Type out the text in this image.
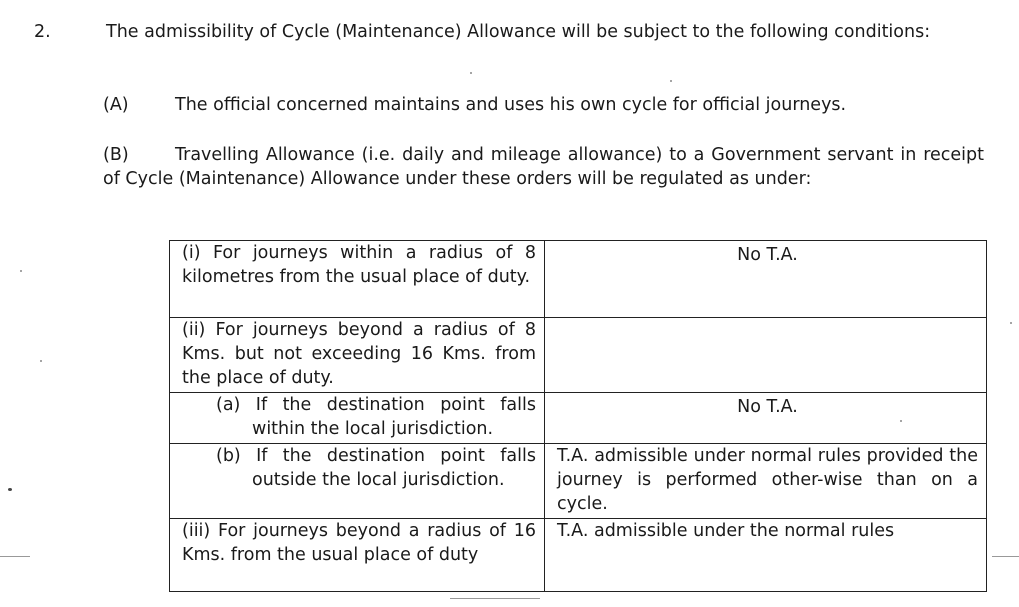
2.	The admissibility of Cycle (Maintenance) Allowance will be subject to the following conditions:
(A)	The official concerned maintains and uses his own cycle for official journeys.
(B)	Travelling Allowance (i.e. daily and mileage allowance) to a Government servant in receipt of Cycle (Maintenance) Allowance under these orders will be regulated as under:
(i) For journeys within a radius of 8 kilometres from the usual place of duty.	No T.A.
(ii) For journeys beyond a radius of 8 Kms. but not exceeding 16 Kms. from the place of duty.	

(a) If the destination point falls within the local jurisdiction.	No T.A.

(b) If the destination point falls outside the local jurisdiction.	T.A. admissible under normal rules provided the journey is performed other-wise than on a cycle.
(iii) For journeys beyond a radius of 16 Kms. from the usual place of duty	T.A. admissible under the normal rules
